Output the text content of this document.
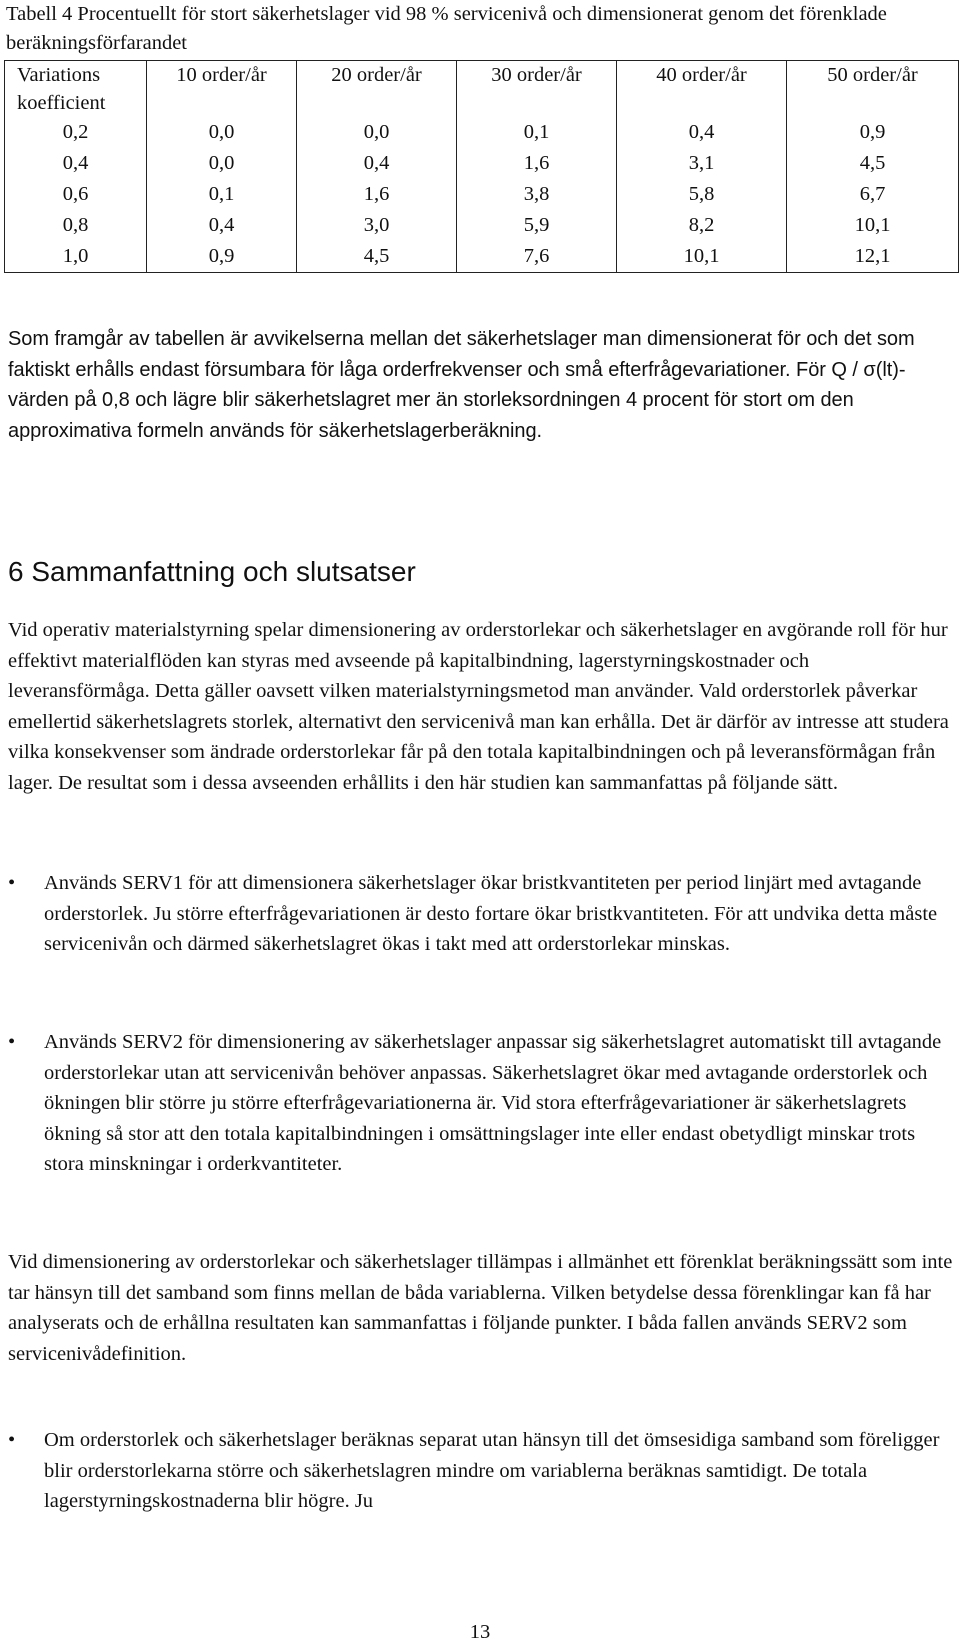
Tabell 4 Procentuellt för stort säkerhetslager vid 98 % servicenivå och dimensionerat genom det förenklade beräkningsförfarandet
Variations koefficient	10 order/år	20 order/år	30 order/år	40 order/år	50 order/år
0,2	0,0	0,0	0,1	0,4	0,9
0,4	0,0	0,4	1,6	3,1	4,5
0,6	0,1	1,6	3,8	5,8	6,7
0,8	0,4	3,0	5,9	8,2	10,1
1,0	0,9	4,5	7,6	10,1	12,1

Som framgår av tabellen är avvikelserna mellan det säkerhetslager man dimensionerat för och det som faktiskt erhålls endast försumbara för låga orderfrekvenser och små efterfrågevariationer. För Q / σ(lt)-värden på 0,8 och lägre blir säkerhetslagret mer än storleksordningen 4 procent för stort om den approximativa formeln används för säkerhetslagerberäkning.

6 Sammanfattning och slutsatser

Vid operativ materialstyrning spelar dimensionering av orderstorlekar och säkerhetslager en avgörande roll för hur effektivt materialflöden kan styras med avseende på kapitalbindning, lagerstyrningskostnader och leveransförmåga. Detta gäller oavsett vilken materialstyrningsmetod man använder. Vald orderstorlek påverkar emellertid säkerhetslagrets storlek, alternativt den servicenivå man kan erhålla. Det är därför av intresse att studera vilka konsekvenser som ändrade orderstorlekar får på den totala kapitalbindningen och på leveransförmågan från lager. De resultat som i dessa avseenden erhållits i den här studien kan sammanfattas på följande sätt.

•	Används SERV1 för att dimensionera säkerhetslager ökar bristkvantiteten per period linjärt med avtagande orderstorlek. Ju större efterfrågevariationen är desto fortare ökar bristkvantiteten. För att undvika detta måste servicenivån och därmed säkerhetslagret ökas i takt med att orderstorlekar minskas.
•	Används SERV2 för dimensionering av säkerhetslager anpassar sig säkerhetslagret automatiskt till avtagande orderstorlekar utan att servicenivån behöver anpassas. Säkerhetslagret ökar med avtagande orderstorlek och ökningen blir större ju större efterfrågevariationerna är. Vid stora efterfrågevariationer är säkerhetslagrets ökning så stor att den totala kapitalbindningen i omsättningslager inte eller endast obetydligt minskar trots stora minskningar i orderkvantiteter.

Vid dimensionering av orderstorlekar och säkerhetslager tillämpas i allmänhet ett förenklat beräkningssätt som inte tar hänsyn till det samband som finns mellan de båda variablerna. Vilken betydelse dessa förenklingar kan få har analyserats och de erhållna resultaten kan sammanfattas i följande punkter. I båda fallen används SERV2 som servicenivådefinition.

•	Om orderstorlek och säkerhetslager beräknas separat utan hänsyn till det ömsesidiga samband som föreligger blir orderstorlekarna större och säkerhetslagren mindre om variablerna beräknas samtidigt. De totala lagerstyrningskostnaderna blir högre. Ju
13
